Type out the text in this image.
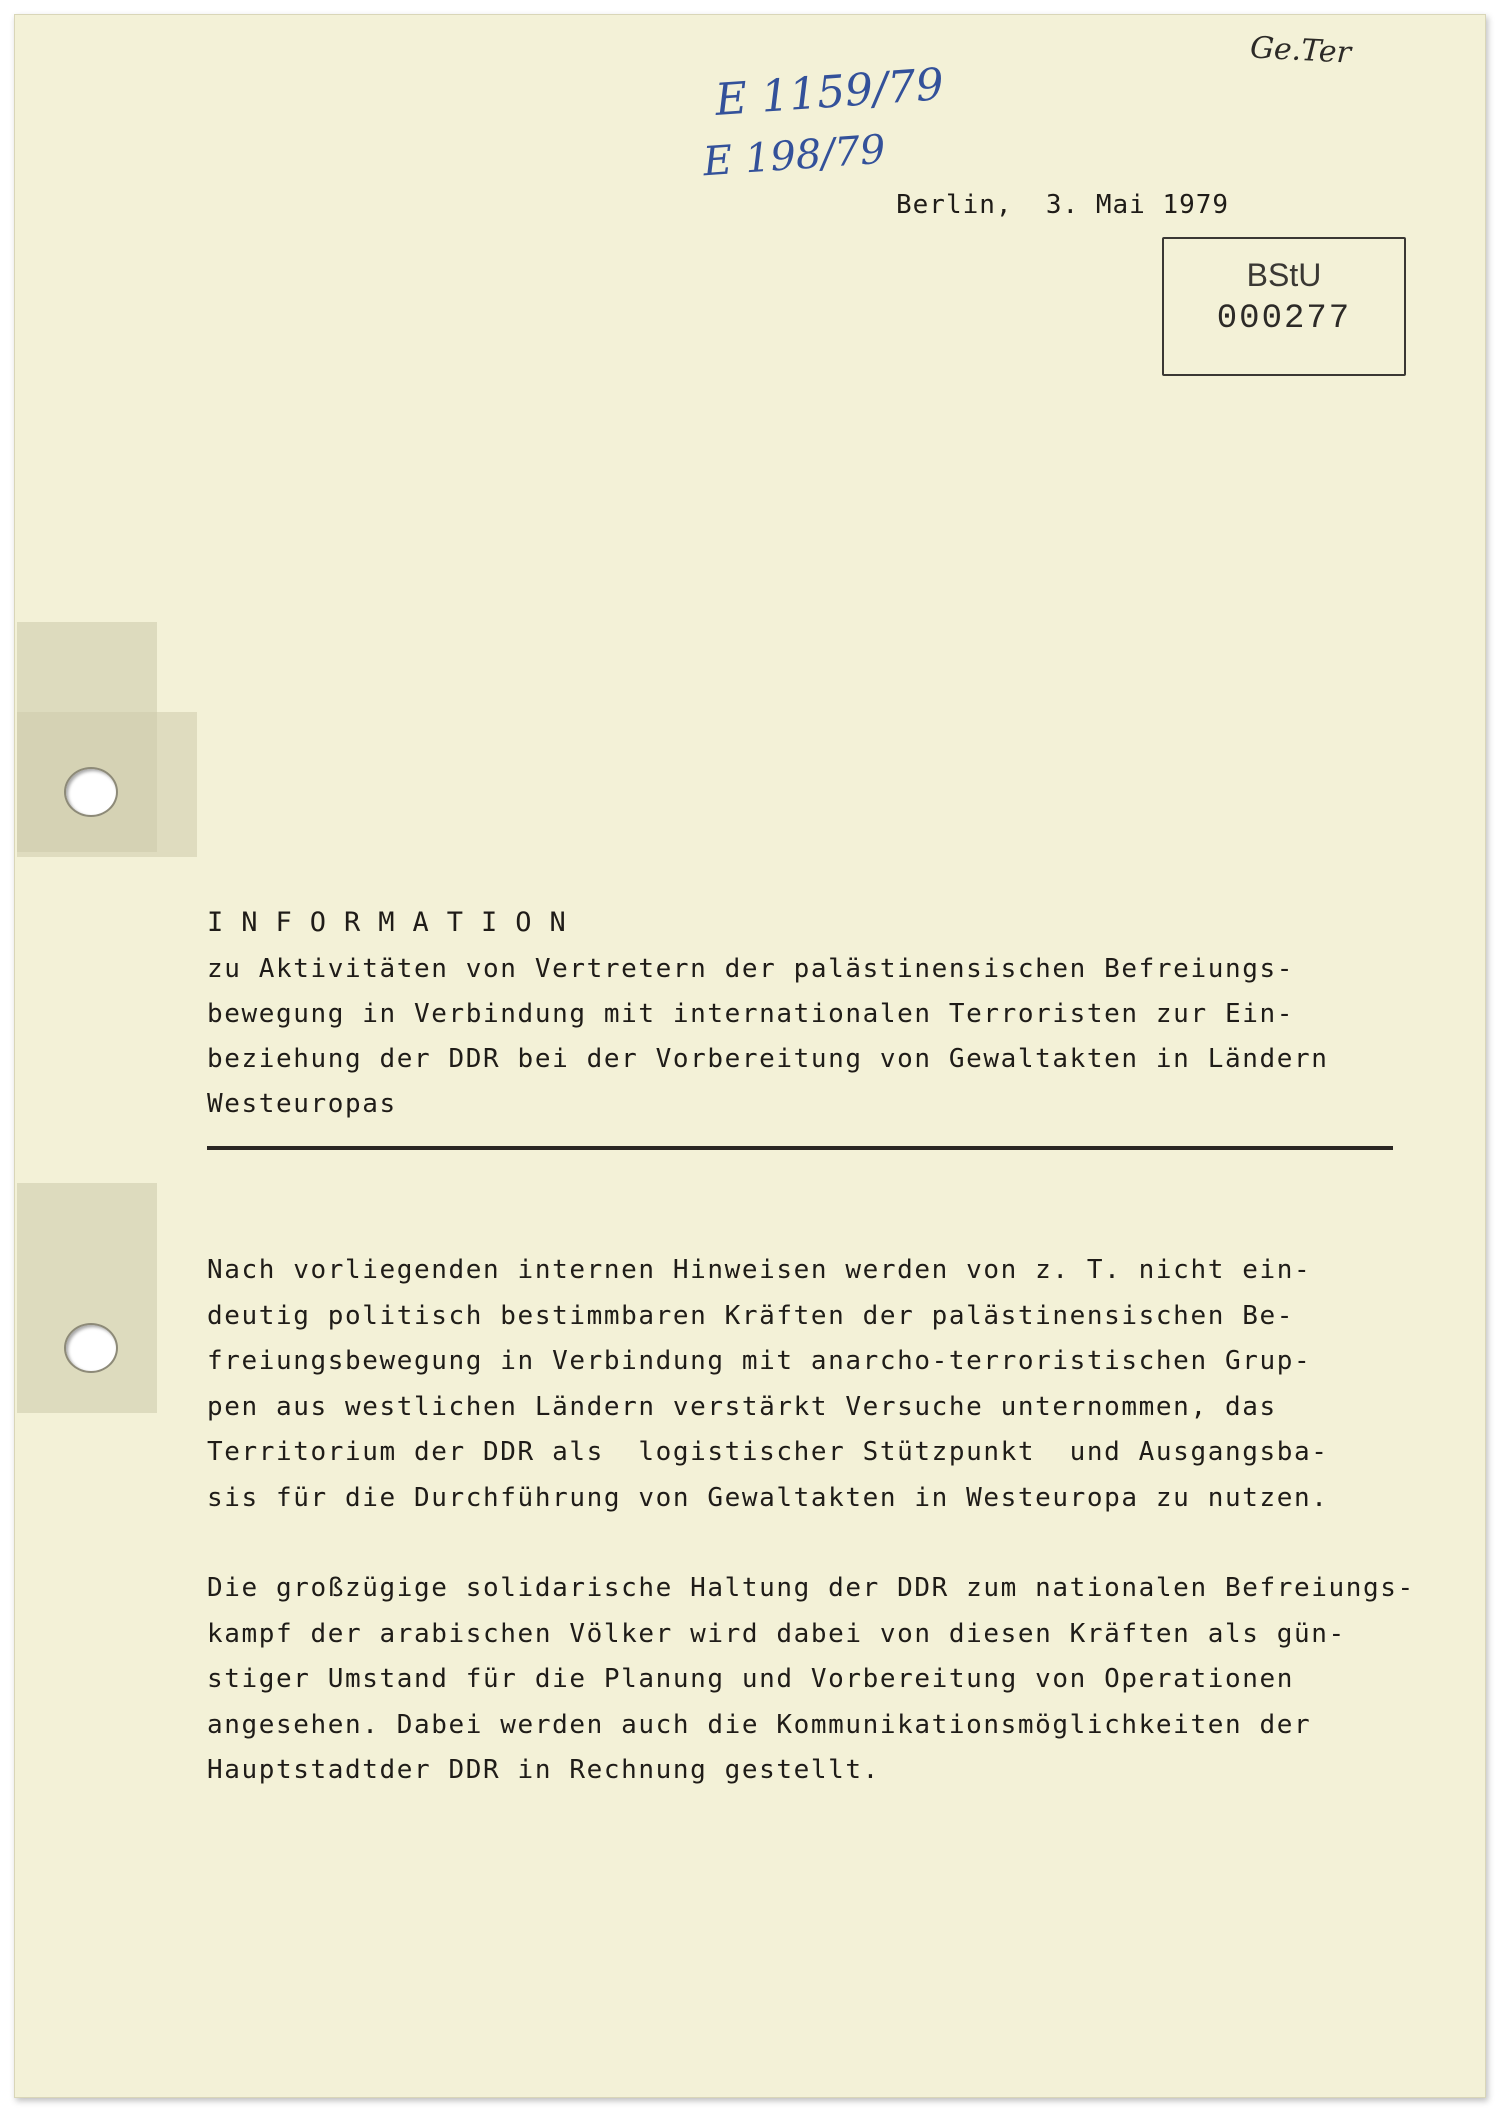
Ge.Ter
E 1159/79
E 198/79
Berlin,  3. Mai 1979
BStU
000277
INFORMATION
zu Aktivitäten von Vertretern der palästinensischen Befreiungs-
bewegung in Verbindung mit internationalen Terroristen zur Ein-
beziehung der DDR bei der Vorbereitung von Gewaltakten in Ländern
Westeuropas
Nach vorliegenden internen Hinweisen werden von z. T. nicht ein-
deutig politisch bestimmbaren Kräften der palästinensischen Be-
freiungsbewegung in Verbindung mit anarcho-terroristischen Grup-
pen aus westlichen Ländern verstärkt Versuche unternommen, das
Territorium der DDR als  logistischer Stützpunkt  und Ausgangsba-
sis für die Durchführung von Gewaltakten in Westeuropa zu nutzen.
Die großzügige solidarische Haltung der DDR zum nationalen Befreiungs-
kampf der arabischen Völker wird dabei von diesen Kräften als gün-
stiger Umstand für die Planung und Vorbereitung von Operationen
angesehen. Dabei werden auch die Kommunikationsmöglichkeiten der
Hauptstadtder DDR in Rechnung gestellt.
